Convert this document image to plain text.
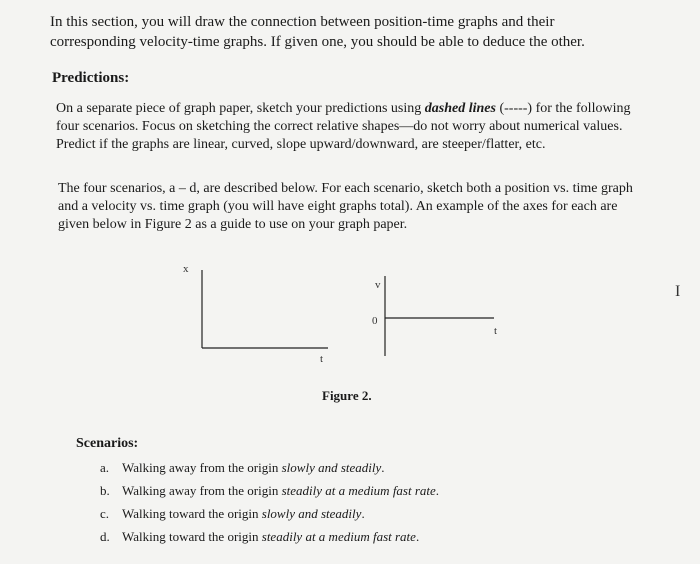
In this section, you will draw the connection between position-time graphs and their
corresponding velocity-time graphs. If given one, you should be able to deduce the other.
Predictions:
On a separate piece of graph paper, sketch your predictions using dashed lines (-----) for the following four scenarios. Focus on sketching the correct relative shapes—do not worry about numerical values. Predict if the graphs are linear, curved, slope upward/downward, are steeper/flatter, etc.
The four scenarios, a – d, are described below. For each scenario, sketch both a position vs. time graph and a velocity vs. time graph (you will have eight graphs total). An example of the axes for each are given below in Figure 2 as a guide to use on your graph paper.
x
t
v
0
t
Figure 2.
I
Scenarios:
a. Walking away from the origin slowly and steadily.
b. Walking away from the origin steadily at a medium fast rate.
c. Walking toward the origin slowly and steadily.
d. Walking toward the origin steadily at a medium fast rate.
